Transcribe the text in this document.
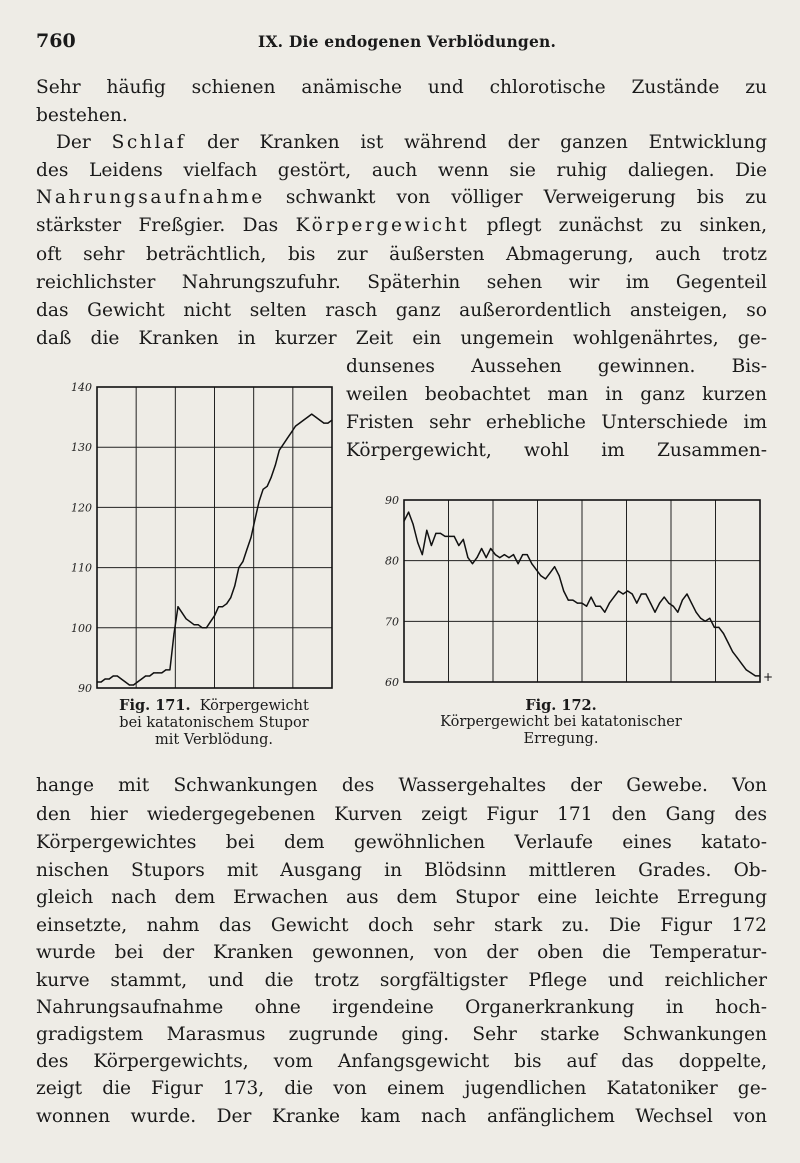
760	IX. Die endogenen Verblödungen.
Sehr häufig schienen anämische und chlorotische Zustände zu
bestehen.
Der Schlaf der Kranken ist während der ganzen Entwicklung
des Leidens vielfach gestört, auch wenn sie ruhig daliegen. Die
Nahrungsaufnahme schwankt von völliger Verweigerung bis zu
stärkster Freßgier. Das Körpergewicht pflegt zunächst zu sinken,
oft sehr beträchtlich, bis zur äußersten Abmagerung, auch trotz
reichlichster Nahrungszufuhr. Späterhin sehen wir im Gegenteil
das Gewicht nicht selten rasch ganz außerordentlich ansteigen, so
daß die Kranken in kurzer Zeit ein ungemein wohlgenährtes, ge-
dunsenes Aussehen gewinnen. Bis-
weilen beobachtet man in ganz kurzen
Fristen sehr erhebliche Unterschiede im
Körpergewicht, wohl im Zusammen-
140
130
120
110
100
90
Fig. 171. Körpergewicht
bei katatonischem Stupor
mit Verblödung.
90
80
70
60	+
Fig. 172.
Körpergewicht bei katatonischer
Erregung.
hange mit Schwankungen des Wassergehaltes der Gewebe. Von
den hier wiedergegebenen Kurven zeigt Figur 171 den Gang des
Körpergewichtes bei dem gewöhnlichen Verlaufe eines katato-
nischen Stupors mit Ausgang in Blödsinn mittleren Grades. Ob-
gleich nach dem Erwachen aus dem Stupor eine leichte Erregung
einsetzte, nahm das Gewicht doch sehr stark zu. Die Figur 172
wurde bei der Kranken gewonnen, von der oben die Temperatur-
kurve stammt, und die trotz sorgfältigster Pflege und reichlicher
Nahrungsaufnahme ohne irgendeine Organerkrankung in hoch-
gradigstem Marasmus zugrunde ging. Sehr starke Schwankungen
des Körpergewichts, vom Anfangsgewicht bis auf das doppelte,
zeigt die Figur 173, die von einem jugendlichen Katatoniker ge-
wonnen wurde. Der Kranke kam nach anfänglichem Wechsel von
